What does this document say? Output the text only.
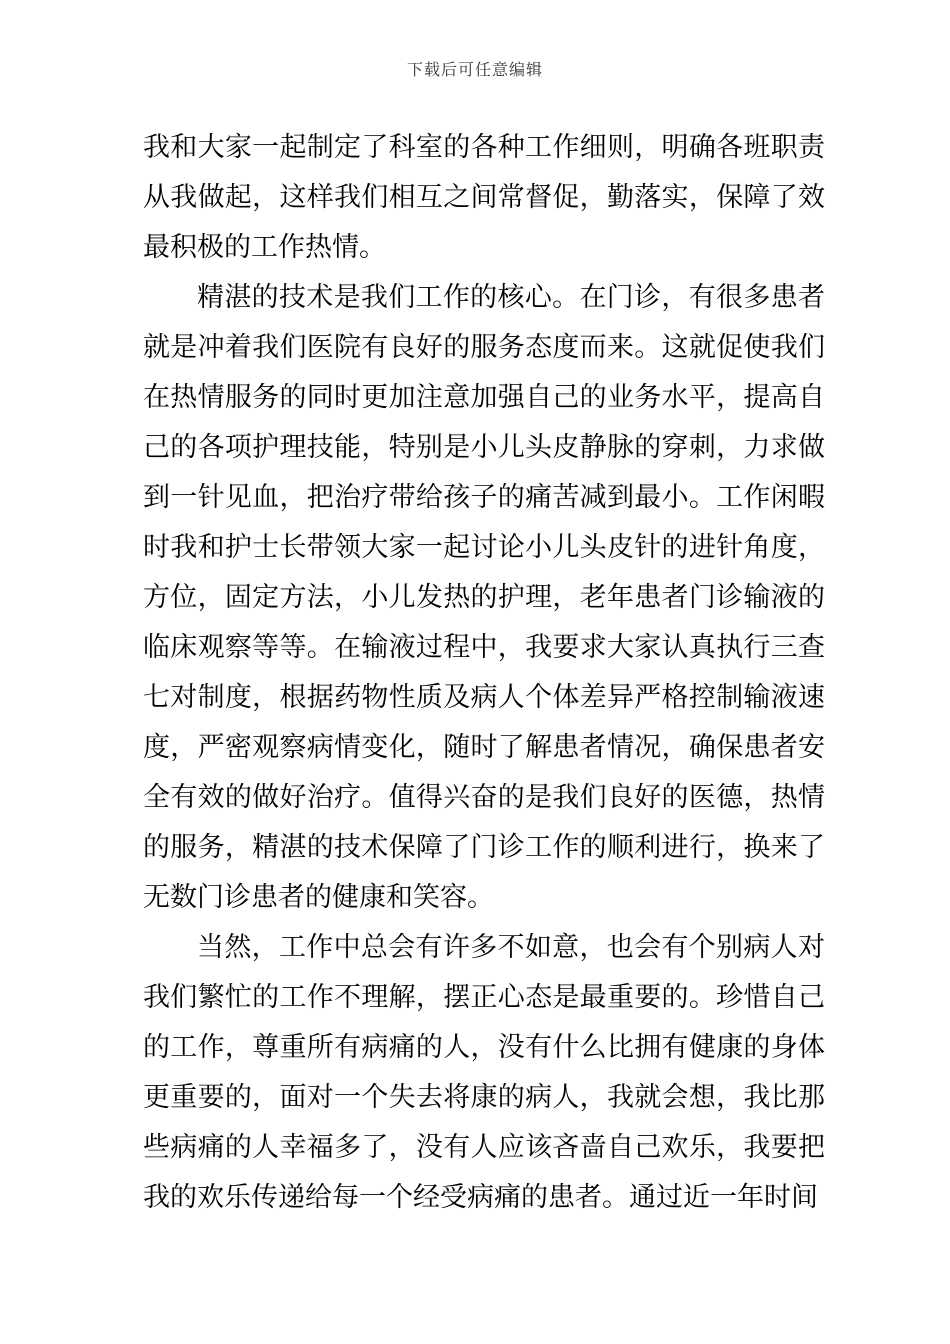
下载后可任意编辑

我和大家一起制定了科室的各种工作细则，明确各班职责从我做起，这样我们相互之间常督促，勤落实，保障了效最积极的工作热情。

精湛的技术是我们工作的核心。在门诊，有很多患者就是冲着我们医院有良好的服务态度而来。这就促使我们在热情服务的同时更加注意加强自己的业务水平，提高自己的各项护理技能，特别是小儿头皮静脉的穿刺，力求做到一针见血，把治疗带给孩子的痛苦减到最小。工作闲暇时我和护士长带领大家一起讨论小儿头皮针的进针角度，方位，固定方法，小儿发热的护理，老年患者门诊输液的临床观察等等。在输液过程中，我要求大家认真执行三查七对制度，根据药物性质及病人个体差异严格控制输液速度，严密观察病情变化，随时了解患者情况，确保患者安全有效的做好治疗。值得兴奋的是我们良好的医德，热情的服务，精湛的技术保障了门诊工作的顺利进行，换来了无数门诊患者的健康和笑容。

当然，工作中总会有许多不如意，也会有个别病人对我们繁忙的工作不理解，摆正心态是最重要的。珍惜自己的工作，尊重所有病痛的人，没有什么比拥有健康的身体更重要的，面对一个失去将康的病人，我就会想，我比那些病痛的人幸福多了，没有人应该吝啬自己欢乐，我要把我的欢乐传递给每一个经受病痛的患者。通过近一年时间
